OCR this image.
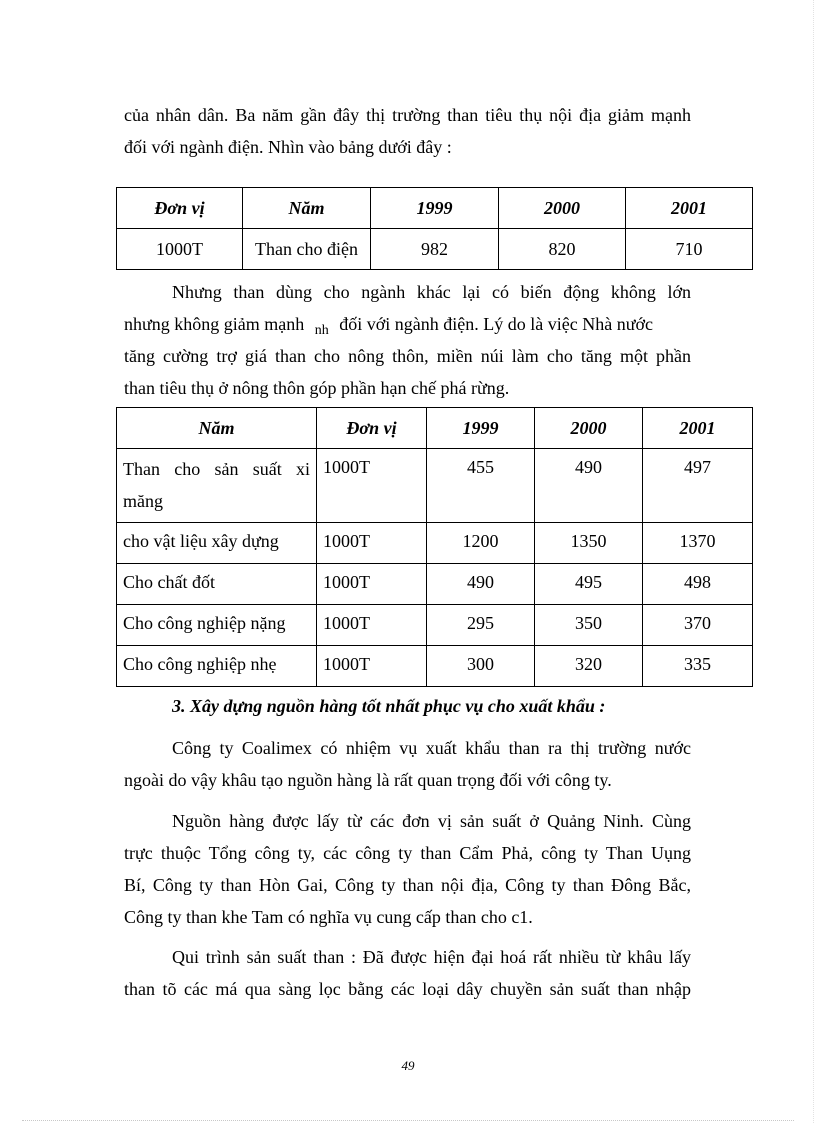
của nhân dân. Ba năm gần đây thị trường than tiêu thụ nội địa giảm mạnh
đối với ngành điện. Nhìn vào bảng dưới đây :
Đơn vị	Năm	1999	2000	2001
1000T	Than cho điện	982	820	710
Nhưng than dùng cho ngành khác lại có biến động không lớn
nhưng không giảm mạnh $_{nh}$ đối với ngành điện. Lý do là việc Nhà nước
tăng cường trợ giá than cho nông thôn, miền núi làm cho tăng một phần
than tiêu thụ ở nông thôn góp phần hạn chế phá rừng.
Năm	Đơn vị	1999	2000	2001
Than cho sản suất xi măng	1000T	455	490	497
cho vật liệu xây dựng	1000T	1200	1350	1370
Cho chất đốt	1000T	490	495	498
Cho công nghiệp nặng	1000T	295	350	370
Cho công nghiệp nhẹ	1000T	300	320	335
3. Xây dựng nguồn hàng tốt nhất phục vụ cho xuất khẩu :
Công ty Coalimex có nhiệm vụ xuất khẩu than ra thị trường nước
ngoài do vậy khâu tạo nguồn hàng là rất quan trọng đối với công ty.
Nguồn hàng được lấy từ các đơn vị sản suất ở Quảng Ninh. Cùng
trực thuộc Tổng công ty, các công ty than Cẩm Phả, công ty Than Uụng
Bí, Công ty than Hòn Gai, Công ty than nội địa, Công ty than Đông Bắc,
Công ty than khe Tam có nghĩa vụ cung cấp than cho c1.
Qui trình sản suất than : Đã được hiện đại hoá rất nhiều từ khâu lấy
than tõ các má qua sàng lọc bằng các loại dây chuyền sản suất than nhập
49
